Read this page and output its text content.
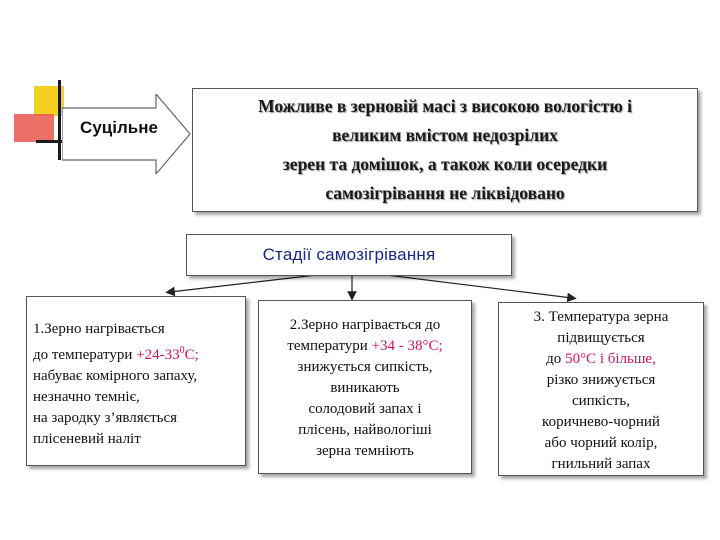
Суцільне
Можливе в зерновій масі з високою вологістю і
великим вмістом недозрілих
зерен та домішок, а також коли осередки
самозігрівання не ліквідовано
Стадії самозігрівання
1.Зерно нагрівається
до температури $+24-33^0С$;
набуває комірного запаху,
незначно темніє,
на зародку з’являється
плісеневий наліт
2.Зерно нагрівається до
температури +34 - 38°С;
знижується сипкість,
виникають
солодовий запах і
плісень, найвологіші
зерна темніють
3. Температура зерна
підвищується
до 50°С і більше,
різко знижується
сипкість,
коричнево-чорний
або чорний колір,
гнильний запах
